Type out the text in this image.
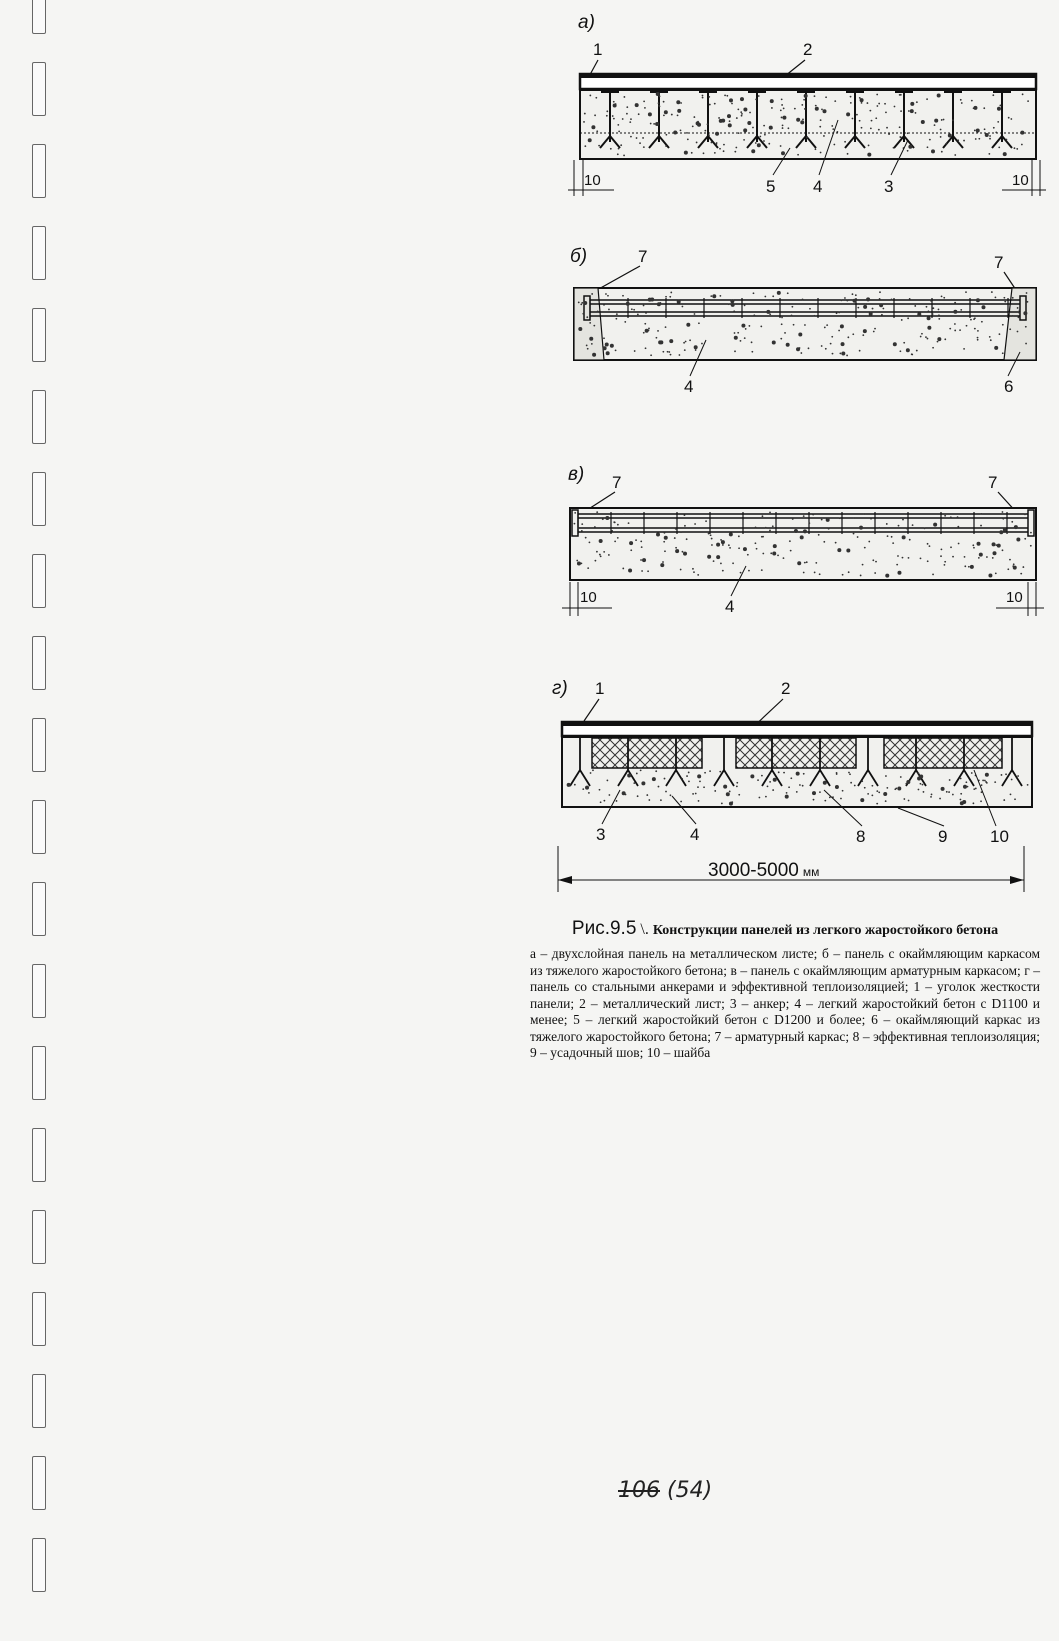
а)
1	2
5 4	3
10	10
б)	7	7
4	6
в) 7	7
4
10	10
г) 1	2
3	4	8	9	10
3000-5000 мм
Рис.9.5 \. Конструкции панелей из легкого жаростойкого бетона
а – двухслойная панель на металлическом листе; б – панель с окаймляющим каркасом из тяжелого жаростойкого бетона; в – панель с окаймляющим арматурным каркасом; г – панель со стальными анкерами и эффективной теплоизоляцией; 1 – уголок жесткости панели; 2 – металлический лист; 3 – анкер; 4 – легкий жаростойкий бетон с D1100 и менее; 5 – легкий жаростойкий бетон с D1200 и более; 6 – окаймляющий каркас из тяжелого жаростойкого бетона; 7 – арматурный каркас; 8 – эффективная теплоизоляция; 9 – усадочный шов; 10 – шайба
106 (54)
